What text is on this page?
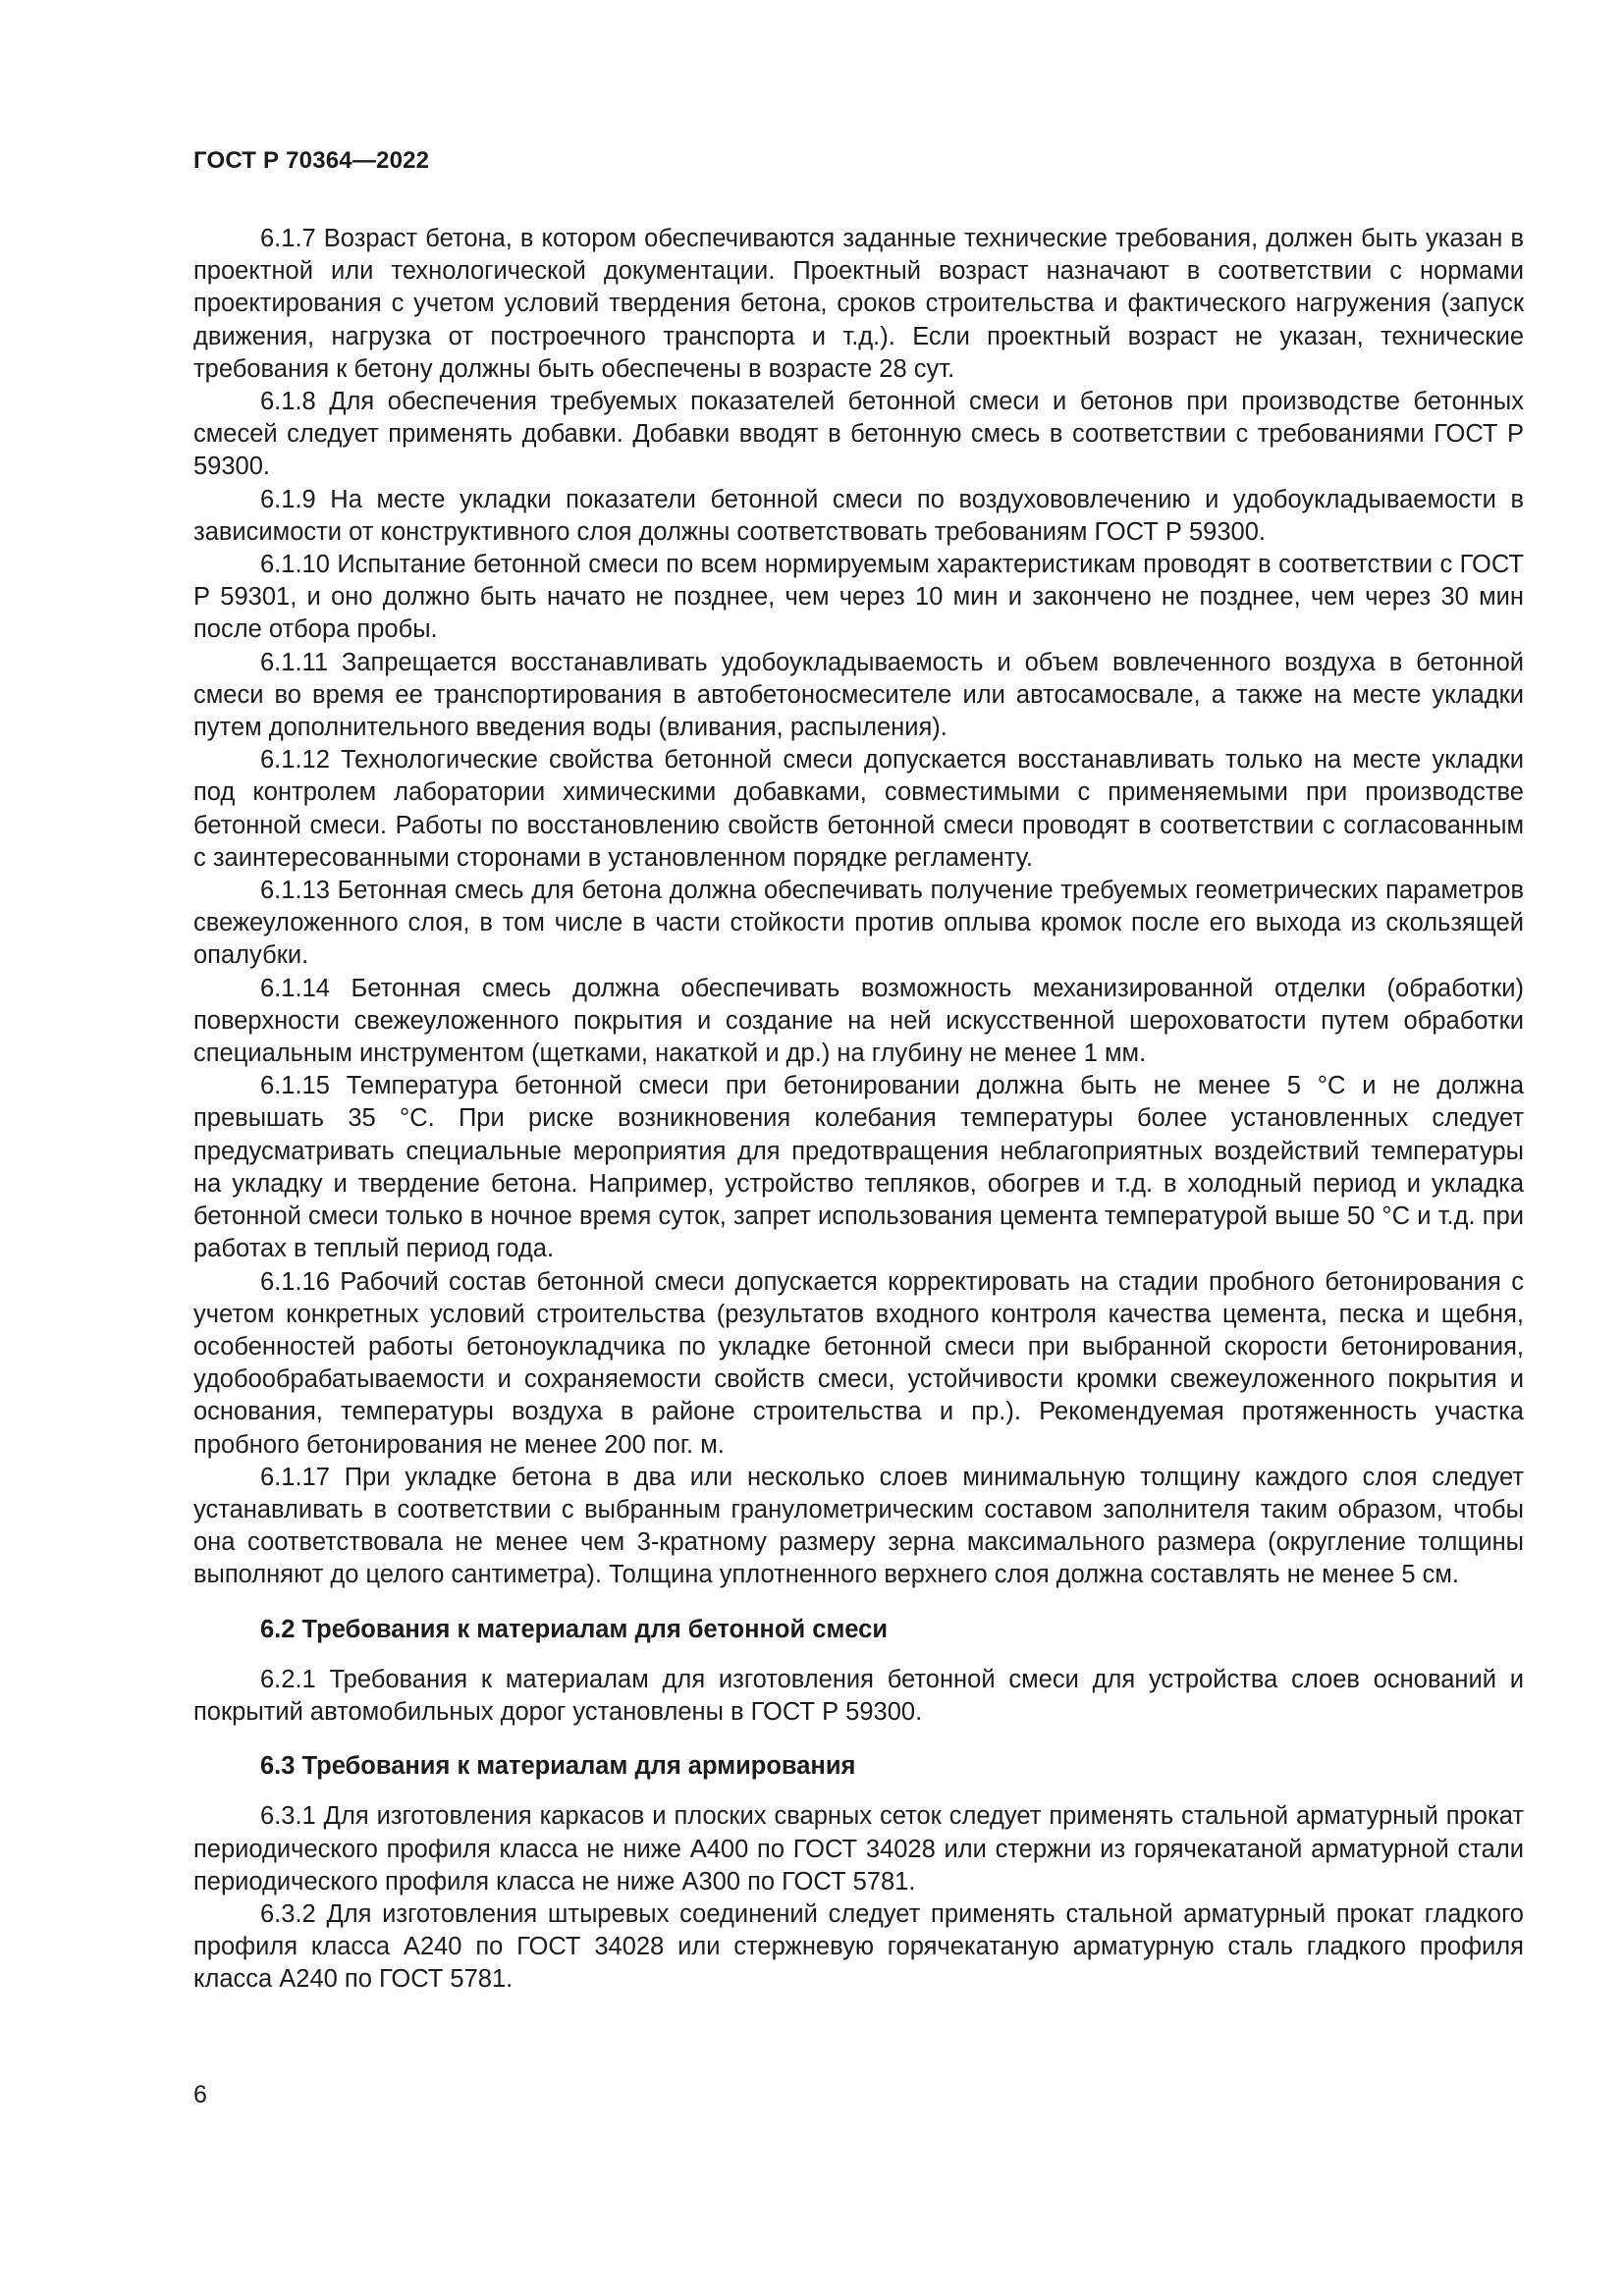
ГОСТ Р 70364—2022

6.1.7 Возраст бетона, в котором обеспечиваются заданные технические требования, должен быть указан в проектной или технологической документации. Проектный возраст назначают в соответствии с нормами проектирования с учетом условий твердения бетона, сроков строительства и фактического нагружения (запуск движения, нагрузка от построечного транспорта и т.д.). Если проектный возраст не указан, технические требования к бетону должны быть обеспечены в возрасте 28 сут.

6.1.8 Для обеспечения требуемых показателей бетонной смеси и бетонов при производстве бетонных смесей следует применять добавки. Добавки вводят в бетонную смесь в соответствии с требованиями ГОСТ Р 59300.

6.1.9 На месте укладки показатели бетонной смеси по воздухововлечению и удобоукладываемости в зависимости от конструктивного слоя должны соответствовать требованиям ГОСТ Р 59300.

6.1.10 Испытание бетонной смеси по всем нормируемым характеристикам проводят в соответствии с ГОСТ Р 59301, и оно должно быть начато не позднее, чем через 10 мин и закончено не позднее, чем через 30 мин после отбора пробы.

6.1.11 Запрещается восстанавливать удобоукладываемость и объем вовлеченного воздуха в бетонной смеси во время ее транспортирования в автобетоносмесителе или автосамосвале, а также на месте укладки путем дополнительного введения воды (вливания, распыления).

6.1.12 Технологические свойства бетонной смеси допускается восстанавливать только на месте укладки под контролем лаборатории химическими добавками, совместимыми с применяемыми при производстве бетонной смеси. Работы по восстановлению свойств бетонной смеси проводят в соответствии с согласованным с заинтересованными сторонами в установленном порядке регламенту.

6.1.13 Бетонная смесь для бетона должна обеспечивать получение требуемых геометрических параметров свежеуложенного слоя, в том числе в части стойкости против оплыва кромок после его выхода из скользящей опалубки.

6.1.14 Бетонная смесь должна обеспечивать возможность механизированной отделки (обработки) поверхности свежеуложенного покрытия и создание на ней искусственной шероховатости путем обработки специальным инструментом (щетками, накаткой и др.) на глубину не менее 1 мм.

6.1.15 Температура бетонной смеси при бетонировании должна быть не менее 5 °С и не должна превышать 35 °С. При риске возникновения колебания температуры более установленных следует предусматривать специальные мероприятия для предотвращения неблагоприятных воздействий температуры на укладку и твердение бетона. Например, устройство тепляков, обогрев и т.д. в холодный период и укладка бетонной смеси только в ночное время суток, запрет использования цемента температурой выше 50 °С и т.д. при работах в теплый период года.

6.1.16 Рабочий состав бетонной смеси допускается корректировать на стадии пробного бетонирования с учетом конкретных условий строительства (результатов входного контроля качества цемента, песка и щебня, особенностей работы бетоноукладчика по укладке бетонной смеси при выбранной скорости бетонирования, удобообрабатываемости и сохраняемости свойств смеси, устойчивости кромки свежеуложенного покрытия и основания, температуры воздуха в районе строительства и пр.). Рекомендуемая протяженность участка пробного бетонирования не менее 200 пог. м.

6.1.17 При укладке бетона в два или несколько слоев минимальную толщину каждого слоя следует устанавливать в соответствии с выбранным гранулометрическим составом заполнителя таким образом, чтобы она соответствовала не менее чем 3-кратному размеру зерна максимального размера (округление толщины выполняют до целого сантиметра). Толщина уплотненного верхнего слоя должна составлять не менее 5 см.

6.2 Требования к материалам для бетонной смеси

6.2.1 Требования к материалам для изготовления бетонной смеси для устройства слоев оснований и покрытий автомобильных дорог установлены в ГОСТ Р 59300.

6.3 Требования к материалам для армирования

6.3.1 Для изготовления каркасов и плоских сварных сеток следует применять стальной арматурный прокат периодического профиля класса не ниже А400 по ГОСТ 34028 или стержни из горячекатаной арматурной стали периодического профиля класса не ниже А300 по ГОСТ 5781.

6.3.2 Для изготовления штыревых соединений следует применять стальной арматурный прокат гладкого профиля класса А240 по ГОСТ 34028 или стержневую горячекатаную арматурную сталь гладкого профиля класса А240 по ГОСТ 5781.

6
